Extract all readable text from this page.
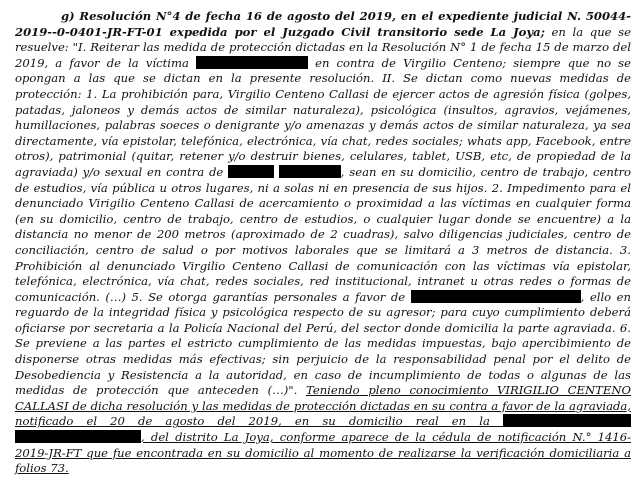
g) Resolución N°4 de fecha 16 de agosto del 2019, en el expediente judicial N. 50044-2019--0-0401-JR-FT-01 expedida por el Juzgado Civil transitorio sede La Joya; en la que se resuelve: "I. Reiterar las medida de protección dictadas en la Resolución N° 1 de fecha 15 de marzo del 2019, a favor de la víctima	en contra de Virgilio Centeno; siempre que no se opongan a las que se dictan en la presente resolución. II. Se dictan como nuevas medidas de protección: 1. La prohibición para, Virgilio Centeno Callasi de ejercer actos de agresión física (golpes, patadas, jaloneos y demás actos de similar naturaleza), psicológica (insultos, agravios, vejámenes, humillaciones, palabras soeces o denigrante y/o amenazas y demás actos de similar naturaleza, ya sea directamente, vía epistolar, telefónica, electrónica, vía chat, redes sociales; whats app, Facebook, entre otros), patrimonial (quitar, retener y/o destruir bienes, celulares, tablet, USB, etc, de propiedad de la agraviada) y/o sexual en contra de	, sean en su domicilio, centro de trabajo, centro de estudios, vía pública u otros lugares, ni a solas ni en presencia de sus hijos. 2. Impedimento para el denunciado Virigilio Centeno Callasi de acercamiento o proximidad a las víctimas en cualquier forma (en su domicilio, centro de trabajo, centro de estudios, o cualquier lugar donde se encuentre) a la distancia no menor de 200 metros (aproximado de 2 cuadras), salvo diligencias judiciales, centro de conciliación, centro de salud o por motivos laborales que se limitará a 3 metros de distancia. 3. Prohibición al denunciado Virgilio Centeno Callasi de comunicación con las víctimas vía epistolar, telefónica, electrónica, vía chat, redes sociales, red institucional, intranet u otras redes o formas de comunicación. (…) 5. Se otorga garantías personales a favor de	, ello en reguardo de la integridad física y psicológica respecto de su agresor; para cuyo cumplimiento deberá oficiarse por secretaria a la Policía Nacional del Perú, del sector donde domicilia la parte agraviada. 6. Se previene a las partes el estricto cumplimiento de las medidas impuestas, bajo apercibimiento de disponerse otras medidas más efectivas; sin perjuicio de la responsabilidad penal por el delito de Desobediencia y Resistencia a la autoridad, en caso de incumplimiento de todas o algunas de las medidas de protección que anteceden (…)". Teniendo pleno conocimiento VIRIGILIO CENTENO CALLASI de dicha resolución y las medidas de protección dictadas en su contra a favor de la agraviada, notificado el 20 de agosto del 2019, en su domicilio real en la  , del distrito La Joya, conforme aparece de la cédula de notificación N.° 1416-2019-JR-FT que fue encontrada en su domicilio al momento de realizarse la verificación domiciliaria a folios 73.
